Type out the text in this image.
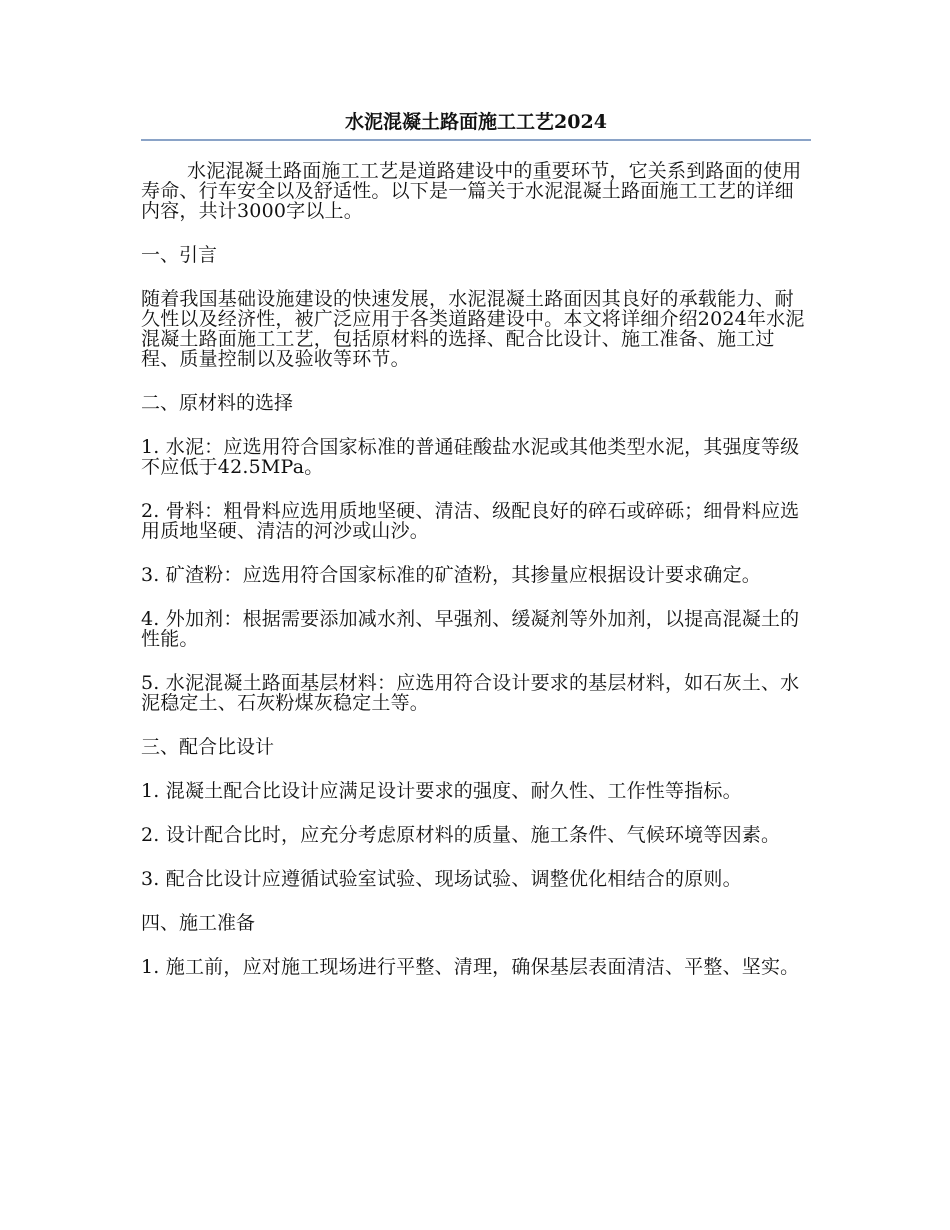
水泥混凝土路面施工工艺2024

水泥混凝土路面施工工艺是道路建设中的重要环节，它关系到路面的使用寿命、行车安全以及舒适性。以下是一篇关于水泥混凝土路面施工工艺的详细内容，共计3000字以上。

一、引言

随着我国基础设施建设的快速发展，水泥混凝土路面因其良好的承载能力、耐久性以及经济性，被广泛应用于各类道路建设中。本文将详细介绍2024年水泥混凝土路面施工工艺，包括原材料的选择、配合比设计、施工准备、施工过程、质量控制以及验收等环节。

二、原材料的选择

1. 水泥：应选用符合国家标准的普通硅酸盐水泥或其他类型水泥，其强度等级不应低于42.5MPa。

2. 骨料：粗骨料应选用质地坚硬、清洁、级配良好的碎石或碎砾；细骨料应选用质地坚硬、清洁的河沙或山沙。

3. 矿渣粉：应选用符合国家标准的矿渣粉，其掺量应根据设计要求确定。

4. 外加剂：根据需要添加减水剂、早强剂、缓凝剂等外加剂，以提高混凝土的性能。

5. 水泥混凝土路面基层材料：应选用符合设计要求的基层材料，如石灰土、水泥稳定土、石灰粉煤灰稳定土等。

三、配合比设计

1. 混凝土配合比设计应满足设计要求的强度、耐久性、工作性等指标。

2. 设计配合比时，应充分考虑原材料的质量、施工条件、气候环境等因素。

3. 配合比设计应遵循试验室试验、现场试验、调整优化相结合的原则。

四、施工准备

1. 施工前，应对施工现场进行平整、清理，确保基层表面清洁、平整、坚实。
